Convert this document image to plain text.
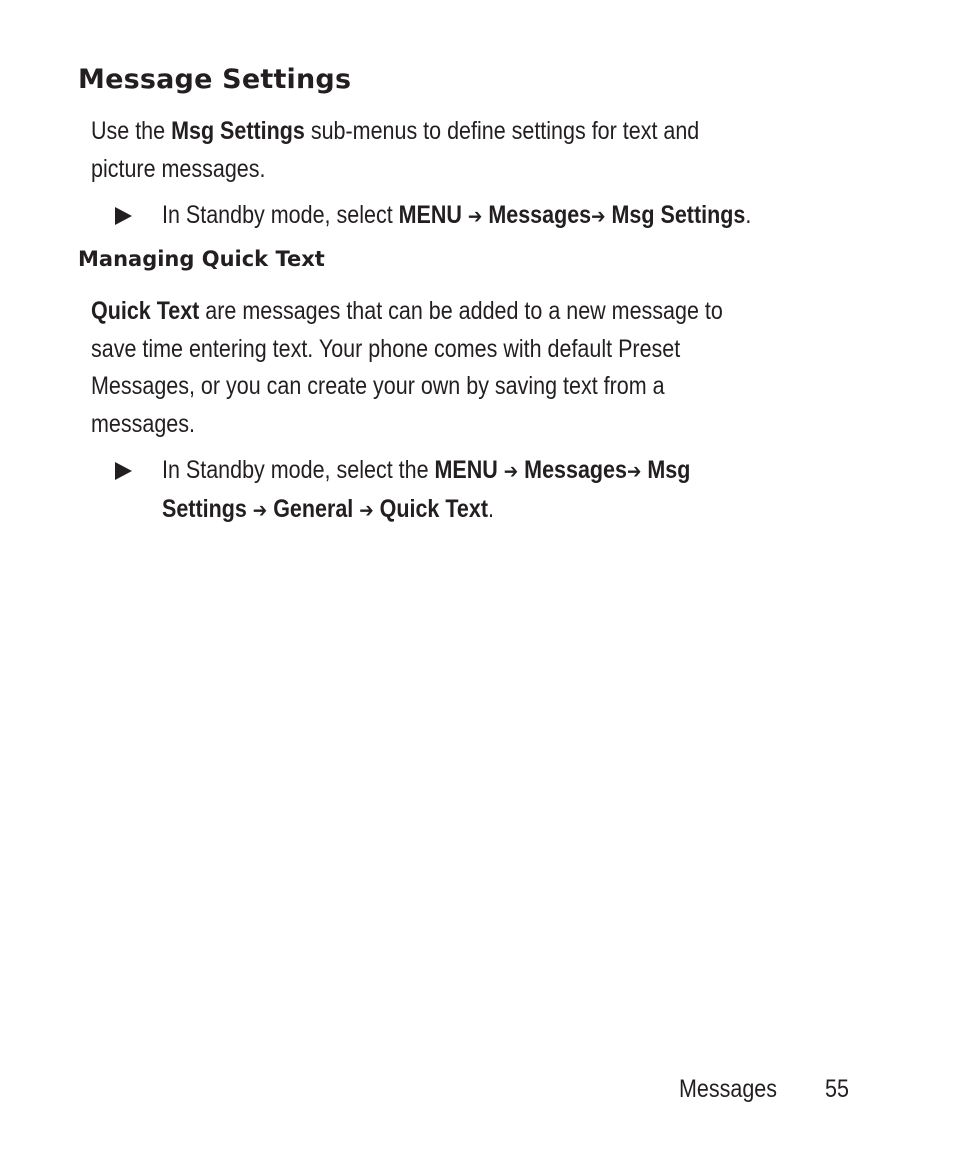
Message Settings

Use the Msg Settings sub-menus to define settings for text and
picture messages.

In Standby mode, select MENU ➔ Messages➔ Msg Settings.

Managing Quick Text

Quick Text are messages that can be added to a new message to
save time entering text. Your phone comes with default Preset
Messages, or you can create your own by saving text from a
messages.

In Standby mode, select the MENU ➔ Messages➔ Msg
Settings ➔ General ➔ Quick Text.

Messages 55
